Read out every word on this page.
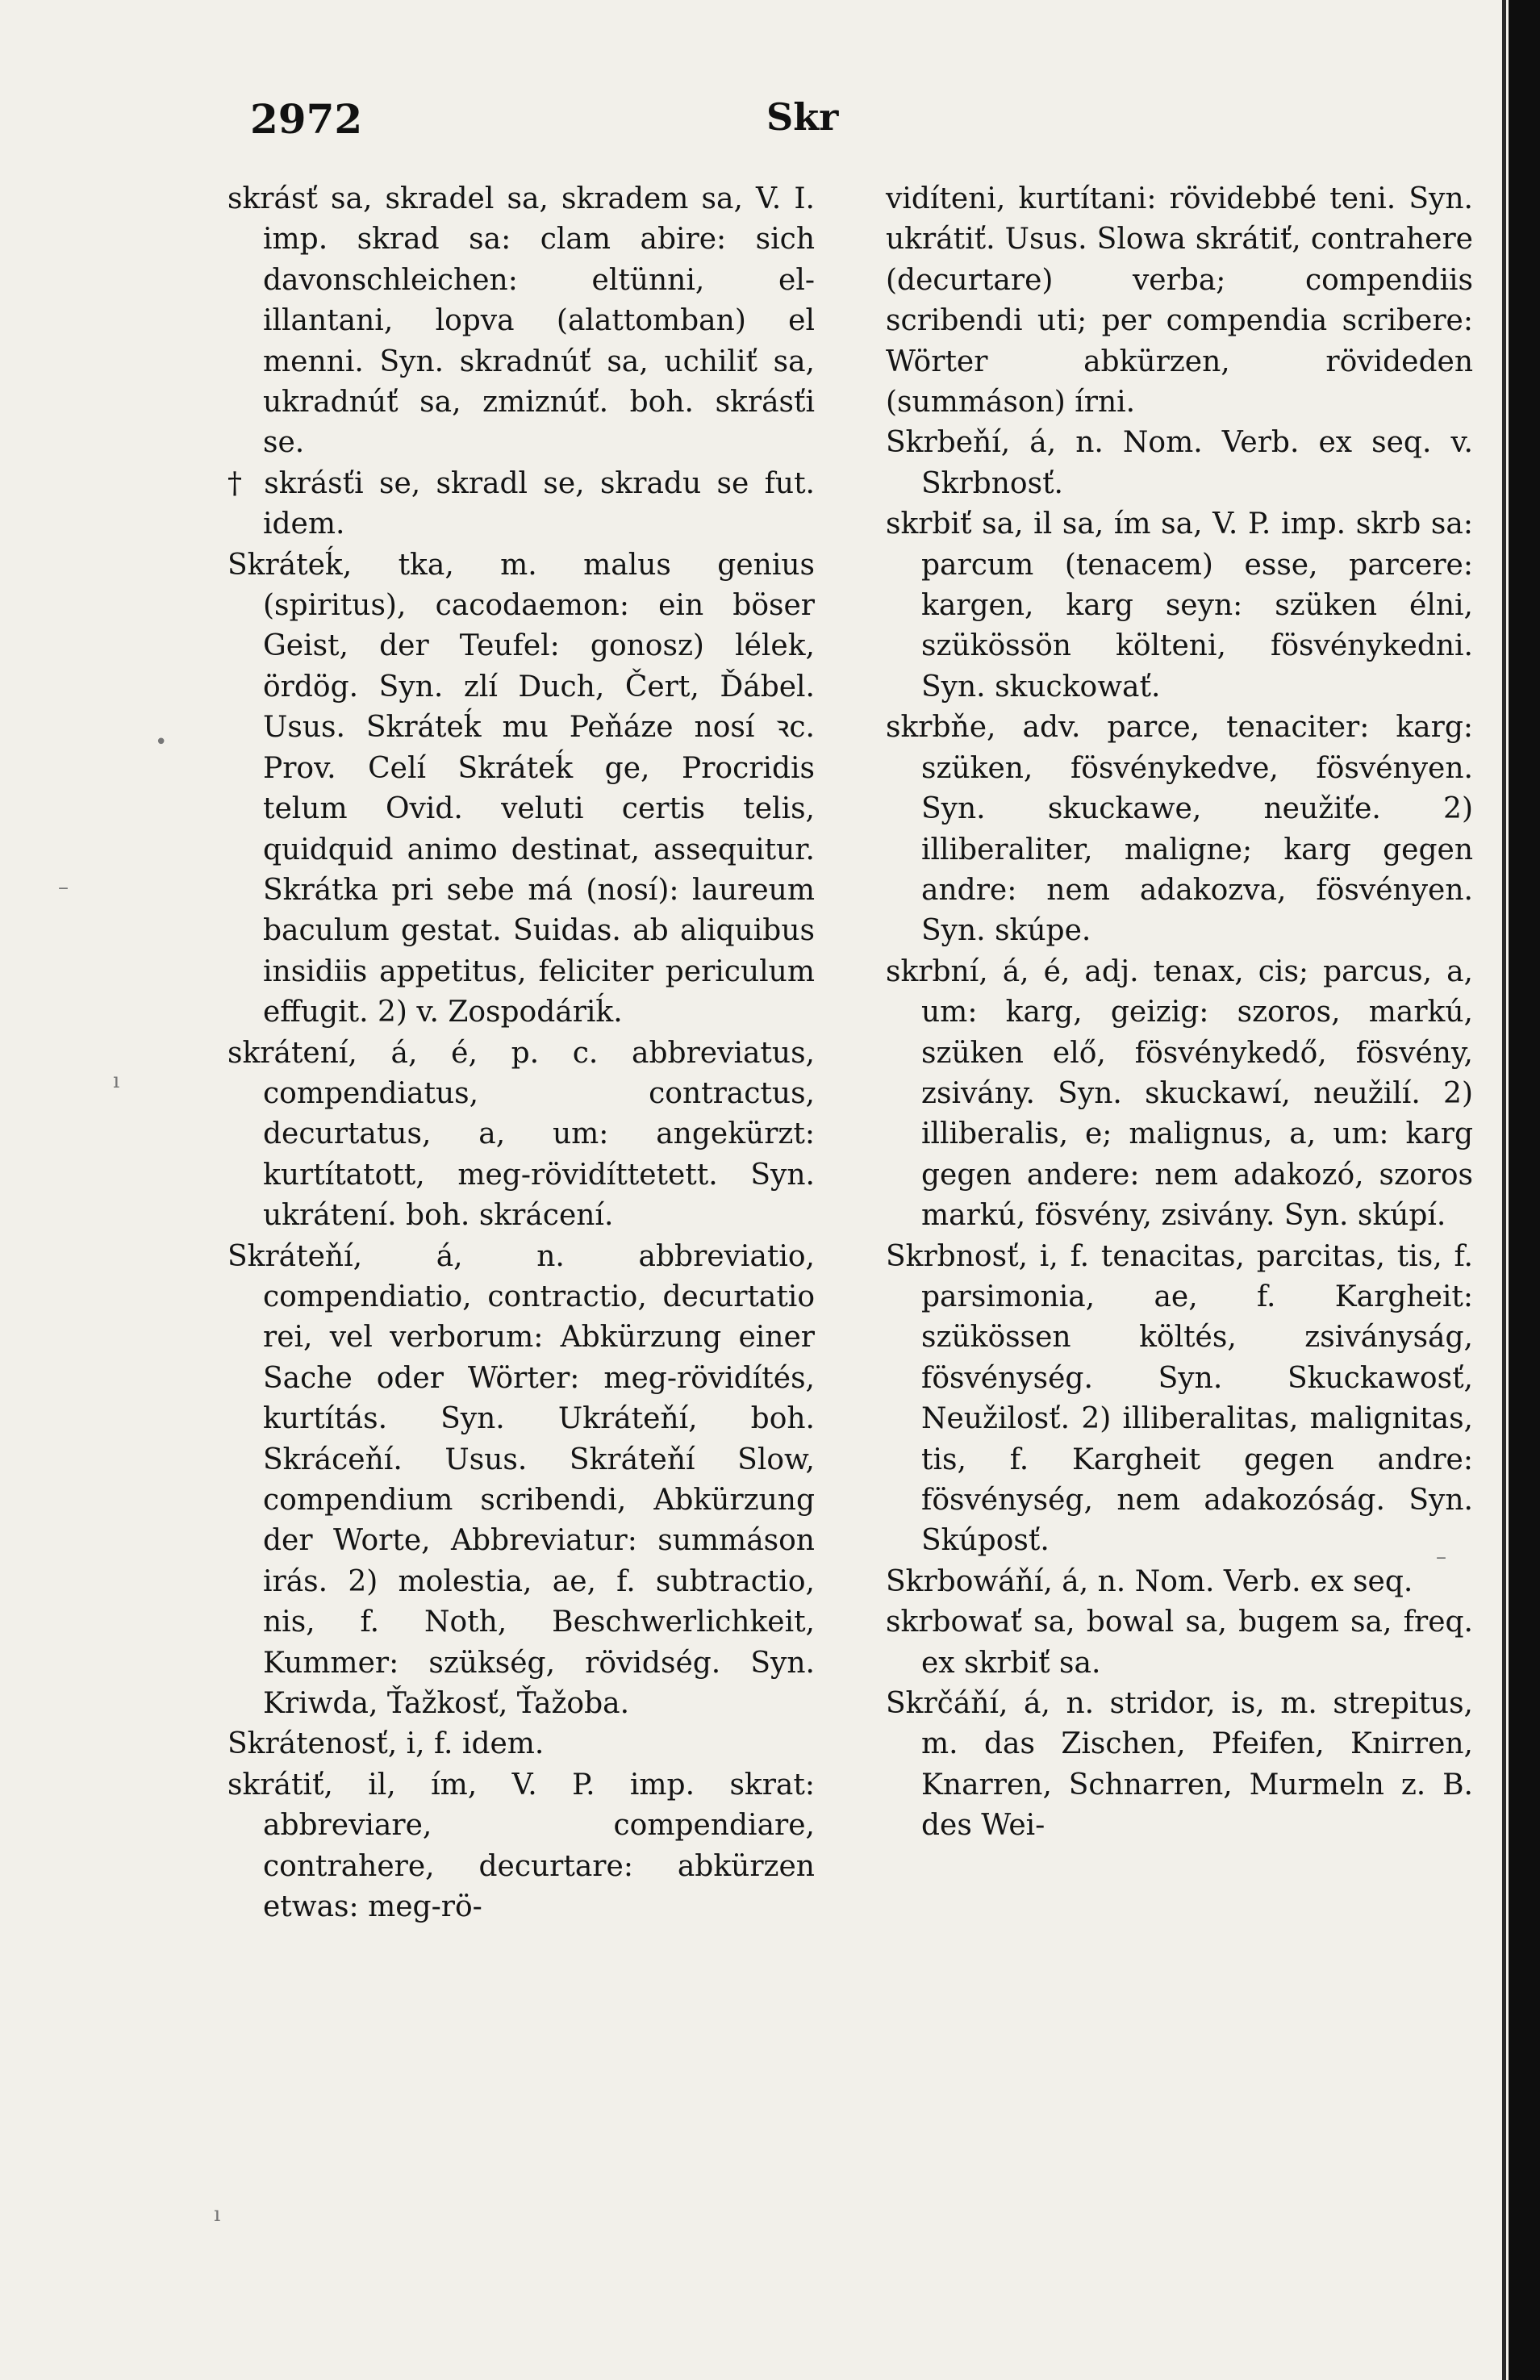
2972	Skr

skrásť sa, skradel sa, skradem sa, V. I. imp. skrad sa: clam abire: sich davonschleichen: eltünni, el-illantani, lopva (alattomban) el menni. Syn. skradnúť sa, uchiliť sa, ukradnúť sa, zmiznúť. boh. skrásťi se.

† skrásťi se, skradl se, skradu se fut. idem.

Skráteḱ, tka, m. malus genius (spiritus), cacodaemon: ein böser Geist, der Teufel: gonosz) lélek, ördög. Syn. zlí Duch, Čert, Ďábel. Usus. Skráteḱ mu Peňáze nosí ꝛc. Prov. Celí Skráteḱ ge, Procridis telum Ovid. veluti certis telis, quidquid animo destinat, assequitur. Skrátka pri sebe má (nosí): laureum baculum gestat. Suidas. ab aliquibus insidiis appetitus, feliciter periculum effugit. 2) v. Zospodáriḱ.

skrátení, á, é, p. c. abbreviatus, compendiatus, contractus, decurtatus, a, um: angekürzt: kurtítatott, meg-rövidíttetett. Syn. ukrátení. boh. skrácení.

Skráteňí, á, n. abbreviatio, compendiatio, contractio, decurtatio rei, vel verborum: Abkürzung einer Sache oder Wörter: meg-rövidítés, kurtítás. Syn. Ukráteňí, boh. Skráceňí. Usus. Skráteňí Slow, compendium scribendi, Abkürzung der Worte, Abbreviatur: summáson irás. 2) molestia, ae, f. subtractio, nis, f. Noth, Beschwerlichkeit, Kummer: szükség, rövidség. Syn. Kriwda, Ťažkosť, Ťažoba.

Skrátenosť, i, f. idem.

skrátiť, il, ím, V. P. imp. skrat: abbreviare, compendiare, contrahere, decurtare: abkürzen etwas: meg-rö-

vidíteni, kurtítani: rövidebbé teni. Syn. ukrátiť. Usus. Slowa skrátiť, contrahere (decurtare) verba; compendiis scribendi uti; per compendia scribere: Wörter abkürzen, rövideden (summáson) írni.

Skrbeňí, á, n. Nom. Verb. ex seq. v. Skrbnosť.

skrbiť sa, il sa, ím sa, V. P. imp. skrb sa: parcum (tenacem) esse, parcere: kargen, karg seyn: szüken élni, szükössön költeni, fösvénykedni. Syn. skuckowať.

skrbňe, adv. parce, tenaciter: karg: szüken, fösvénykedve, fösvényen. Syn. skuckawe, neužiťe. 2) illiberaliter, maligne; karg gegen andre: nem adakozva, fösvényen. Syn. skúpe.

skrbní, á, é, adj. tenax, cis; parcus, a, um: karg, geizig: szoros, markú, szüken elő, fösvénykedő, fösvény, zsivány. Syn. skuckawí, neužilí. 2) illiberalis, e; malignus, a, um: karg gegen andere: nem adakozó, szoros markú, fösvény, zsivány. Syn. skúpí.

Skrbnosť, i, f. tenacitas, parcitas, tis, f. parsimonia, ae, f. Kargheit: szükössen költés, zsiványság, fösvénység. Syn. Skuckawosť, Neužilosť. 2) illiberalitas, malignitas, tis, f. Kargheit gegen andre: fösvénység, nem adakozóság. Syn. Skúposť.

Skrbowáňí, á, n. Nom. Verb. ex seq.

skrbowať sa, bowal sa, bugem sa, freq. ex skrbiť sa.

Skrčáňí, á, n. stridor, is, m. strepitus, m. das Zischen, Pfeifen, Knirren, Knarren, Schnarren, Murmeln z. B. des Wei-

•
–
ı
ı
–
